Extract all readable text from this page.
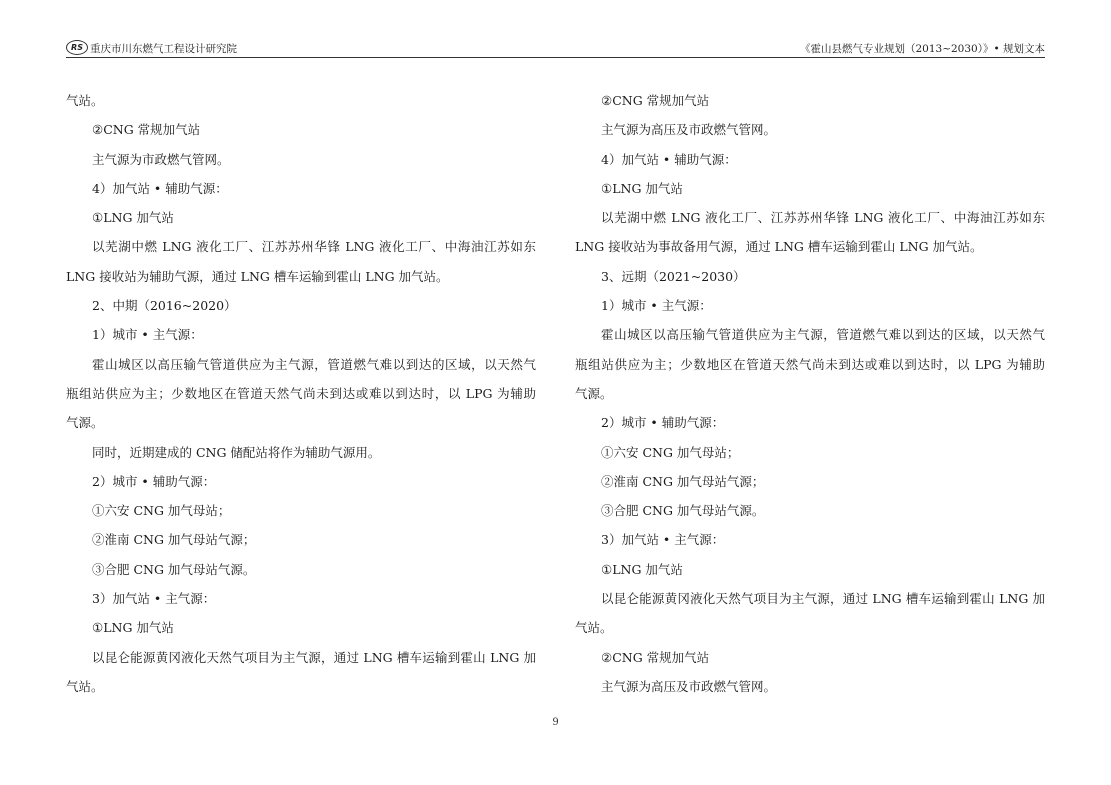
RS 重庆市川东燃气工程设计研究院	《霍山县燃气专业规划（2013~2030）》• 规划文本
气站。
②CNG 常规加气站
主气源为市政燃气管网。
4）加气站 • 辅助气源：
①LNG 加气站
以芜湖中燃 LNG 液化工厂、江苏苏州华锋 LNG 液化工厂、中海油江苏如东
LNG 接收站为辅助气源，通过 LNG 槽车运输到霍山 LNG 加气站。
2、中期（2016~2020）
1）城市 • 主气源：
霍山城区以高压输气管道供应为主气源，管道燃气难以到达的区域，以天然气
瓶组站供应为主；少数地区在管道天然气尚未到达或难以到达时，以 LPG 为辅助
气源。
同时，近期建成的 CNG 储配站将作为辅助气源用。
2）城市 • 辅助气源：
①六安 CNG 加气母站；
②淮南 CNG 加气母站气源；
③合肥 CNG 加气母站气源。
3）加气站 • 主气源：
①LNG 加气站
以昆仑能源黄冈液化天然气项目为主气源，通过 LNG 槽车运输到霍山 LNG 加
气站。
②CNG 常规加气站
主气源为高压及市政燃气管网。
4）加气站 • 辅助气源：
①LNG 加气站
以芜湖中燃 LNG 液化工厂、江苏苏州华锋 LNG 液化工厂、中海油江苏如东
LNG 接收站为事故备用气源，通过 LNG 槽车运输到霍山 LNG 加气站。
3、远期（2021~2030）
1）城市 • 主气源：
霍山城区以高压输气管道供应为主气源，管道燃气难以到达的区域，以天然气
瓶组站供应为主；少数地区在管道天然气尚未到达或难以到达时，以 LPG 为辅助
气源。
2）城市 • 辅助气源：
①六安 CNG 加气母站；
②淮南 CNG 加气母站气源；
③合肥 CNG 加气母站气源。
3）加气站 • 主气源：
①LNG 加气站
以昆仑能源黄冈液化天然气项目为主气源，通过 LNG 槽车运输到霍山 LNG 加
气站。
②CNG 常规加气站
主气源为高压及市政燃气管网。
9
